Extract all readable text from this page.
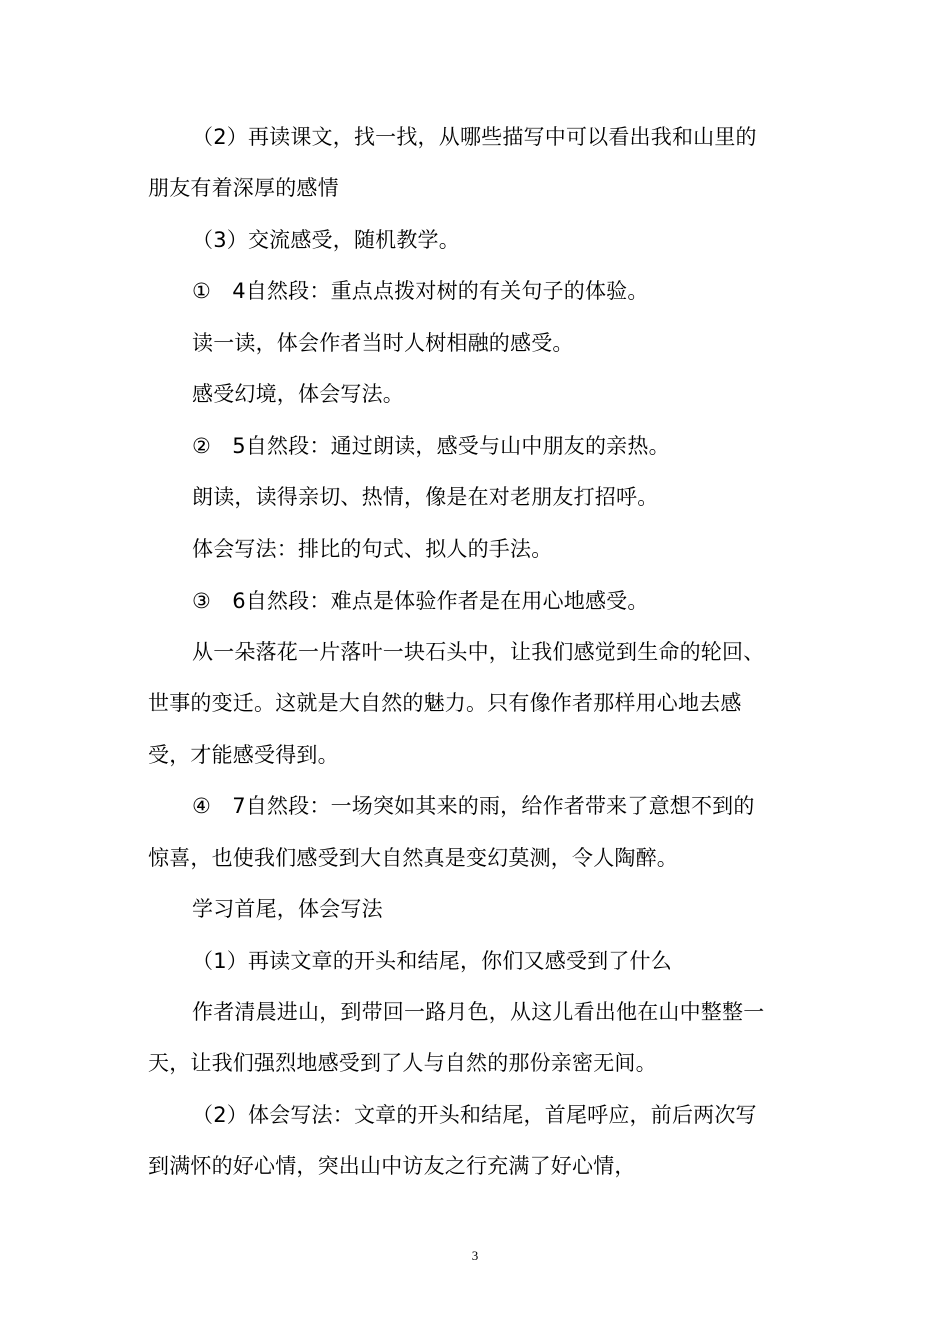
（2）再读课文，找一找，从哪些描写中可以看出我和山里的
朋友有着深厚的感情
（3）交流感受，随机教学。
①　4自然段：重点点拨对树的有关句子的体验。
读一读，体会作者当时人树相融的感受。
感受幻境，体会写法。
②　5自然段：通过朗读，感受与山中朋友的亲热。
朗读，读得亲切、热情，像是在对老朋友打招呼。
体会写法：排比的句式、拟人的手法。
③　6自然段：难点是体验作者是在用心地感受。
从一朵落花一片落叶一块石头中，让我们感觉到生命的轮回、
世事的变迁。这就是大自然的魅力。只有像作者那样用心地去感
受，才能感受得到。
④　7自然段：一场突如其来的雨，给作者带来了意想不到的
惊喜，也使我们感受到大自然真是变幻莫测，令人陶醉。
学习首尾，体会写法
（1）再读文章的开头和结尾，你们又感受到了什么
作者清晨进山，到带回一路月色，从这儿看出他在山中整整一
天，让我们强烈地感受到了人与自然的那份亲密无间。
（2）体会写法：文章的开头和结尾，首尾呼应，前后两次写
到满怀的好心情，突出山中访友之行充满了好心情，
3
